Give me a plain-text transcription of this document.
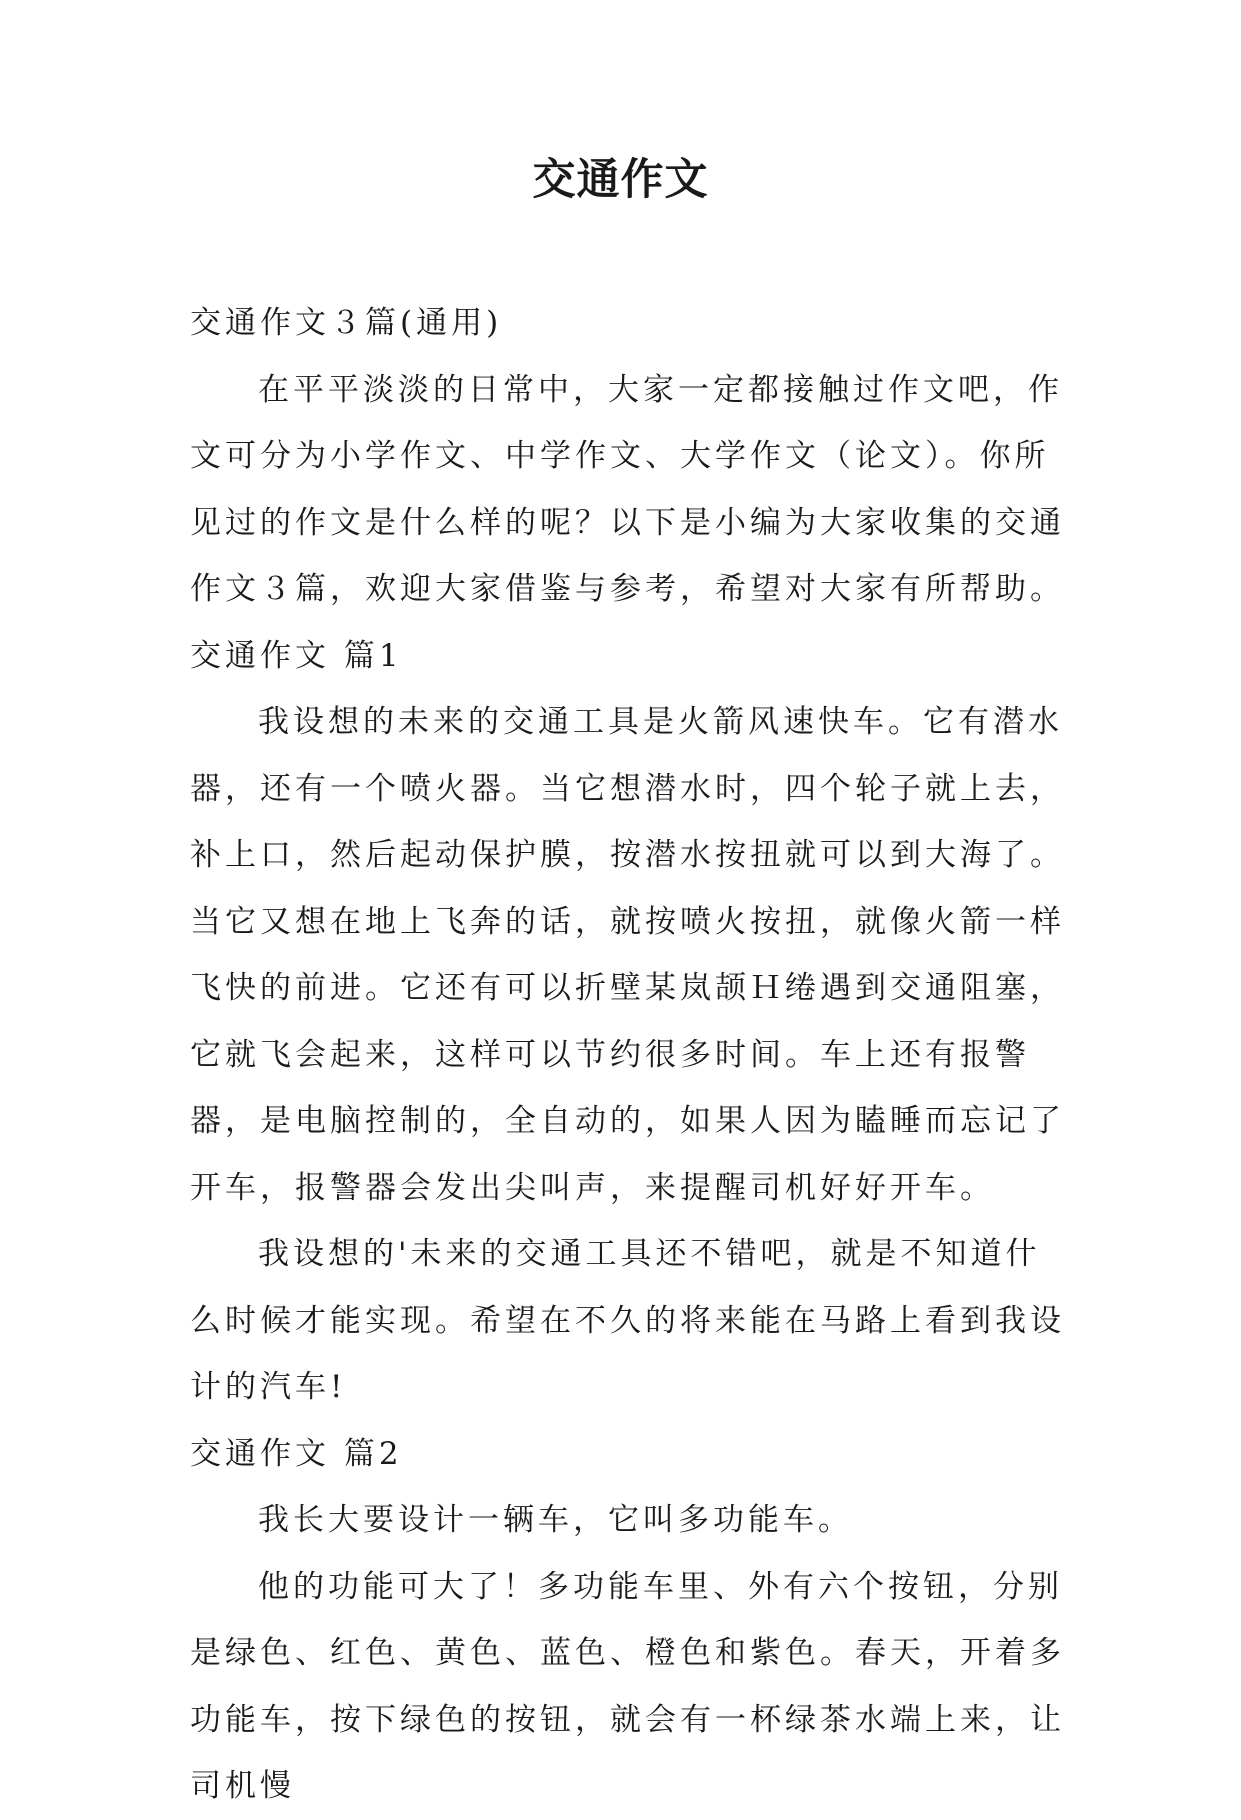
交通作文

交通作文３篇(通用)

在平平淡淡的日常中，大家一定都接触过作文吧，作文可分为小学作文、中学作文、大学作文（论文）。你所见过的作文是什么样的呢？以下是小编为大家收集的交通作文３篇，欢迎大家借鉴与参考，希望对大家有所帮助。

交通作文 篇1

我设想的未来的交通工具是火箭风速快车。它有潜水器，还有一个喷火器。当它想潜水时，四个轮子就上去，补上口，然后起动保护膜，按潜水按扭就可以到大海了。当它又想在地上飞奔的话，就按喷火按扭，就像火箭一样飞快的前进。它还有可以折壁某岚颉Ｈ绻遇到交通阻塞，它就飞会起来，这样可以节约很多时间。车上还有报警器，是电脑控制的，全自动的，如果人因为瞌睡而忘记了开车，报警器会发出尖叫声，来提醒司机好好开车。

我设想的'未来的交通工具还不错吧，就是不知道什么时候才能实现。希望在不久的将来能在马路上看到我设计的汽车!

交通作文 篇2

我长大要设计一辆车，它叫多功能车。

他的功能可大了！多功能车里、外有六个按钮，分别是绿色、红色、黄色、蓝色、橙色和紫色。春天，开着多功能车，按下绿色的按钮，就会有一杯绿茶水端上来，让司机慢
